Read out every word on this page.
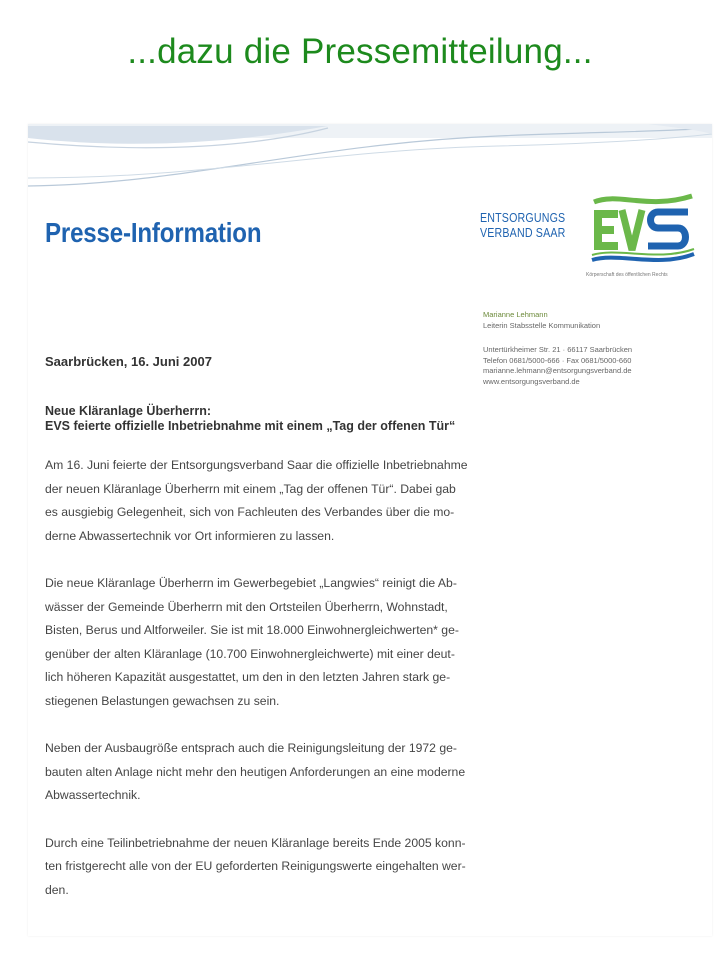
...dazu die Pressemitteilung...
Presse-Information	ENTSORGUNGS
VERBAND SAAR
EVS
Körperschaft des öffentlichen Rechts
Marianne Lehmann
Leiterin Stabsstelle Kommunikation
Untertürkheimer Str. 21 · 66117 Saarbrücken
Telefon 0681/5000-666 · Fax 0681/5000-660
marianne.lehmann@entsorgungsverband.de
www.entsorgungsverband.de
Saarbrücken, 16. Juni 2007
Neue Kläranlage Überherrn:
EVS feierte offizielle Inbetriebnahme mit einem „Tag der offenen Tür“

Am 16. Juni feierte der Entsorgungsverband Saar die offizielle Inbetriebnahme
der neuen Kläranlage Überherrn mit einem „Tag der offenen Tür“. Dabei gab
es ausgiebig Gelegenheit, sich von Fachleuten des Verbandes über die mo-
derne Abwassertechnik vor Ort informieren zu lassen.

Die neue Kläranlage Überherrn im Gewerbegebiet „Langwies“ reinigt die Ab-
wässer der Gemeinde Überherrn mit den Ortsteilen Überherrn, Wohnstadt,
Bisten, Berus und Altforweiler. Sie ist mit 18.000 Einwohnergleichwerten* ge-
genüber der alten Kläranlage (10.700 Einwohnergleichwerte) mit einer deut-
lich höheren Kapazität ausgestattet, um den in den letzten Jahren stark ge-
stiegenen Belastungen gewachsen zu sein.

Neben der Ausbaugröße entsprach auch die Reinigungsleitung der 1972 ge-
bauten alten Anlage nicht mehr den heutigen Anforderungen an eine moderne
Abwassertechnik.

Durch eine Teilinbetriebnahme der neuen Kläranlage bereits Ende 2005 konn-
ten fristgerecht alle von der EU geforderten Reinigungswerte eingehalten wer-
den.
